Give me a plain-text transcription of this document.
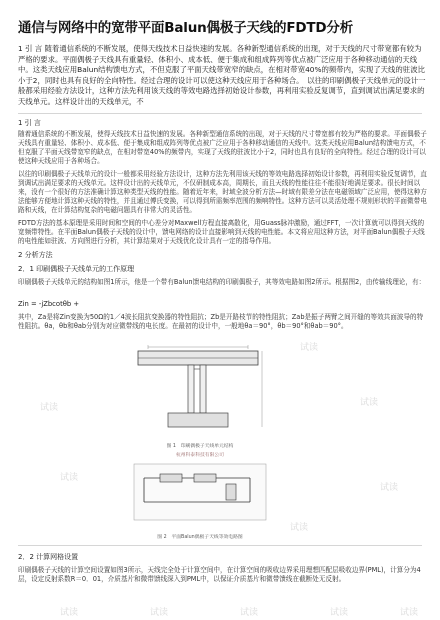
通信与网络中的宽带平面Balun偶极子天线的FDTD分析

1 引 言 随着通信系统的不断发展，使得天线技术日益快速的发展。各种新型通信系统的出现，对于天线的尺寸带宽都有较为严格的要求。平面偶极子天线具有重量轻、体积小、成本低、便于集成和组成阵列等优点被广泛应用于各种移动通信的天线中。这类天线应用Balun结构馈电方式，不但克服了平面天线带宽窄的缺点，在相对带宽40%的频带内，实现了天线的驻波比小于2，同时也具有良好的全向特性。经过合理的设计可以使这种天线应用于各种场合。　以往的印刷偶极子天线单元的设计一般都采用经验方法设计，这种方法先利用该天线的等效电路选择初始设计参数，再利用实验反复调节，直到调试出满足要求的天线单元。这样设计出的天线单元，不

1 引 言

随着通信系统的不断发展，使得天线技术日益快速的发展。各种新型通信系统的出现，对于天线的尺寸带宽都有较为严格的要求。平面偶极子天线具有重量轻、体积小、成本低、便于集成和组成阵列等优点被广泛应用于各种移动通信的天线中。这类天线应用Balun结构馈电方式，不但克服了平面天线带宽窄的缺点，在相对带宽40%的频带内，实现了天线的驻波比小于2，同时也具有良好的全向特性。经过合理的设计可以使这种天线应用于各种场合。

以往的印刷偶极子天线单元的设计一般都采用经验方法设计，这种方法先利用该天线的等效电路选择初始设计参数，再利用实验反复调节，直到调试出满足要求的天线单元。这样设计出的天线单元，不仅研制成本高，周期长，而且天线的性能往往不能很好地满足要求。很长时间以来，没有一个很好的方法准确计算这种类型天线的性能。随着近年来，时域全波分析方法—时域有限差分法在电磁领域广泛应用，使得这种方法能够方便地计算这种天线的特性，并且通过傅氏变换，可以得到所需频率范围的频响特性。这种方法可以灵活处理不规则形状的平面微带电路和天线，在计算结构复杂的电磁问题具有非常大的灵活性。

FDTD方法的基本原理是采用时间和空间的中心差分对Maxwell方程直接离散化，用Guass脉冲激励，通过FFT，一次计算就可以得到天线的宽频带特性。在平面Balun偶极子天线的设计中，馈电网络的设计直接影响到天线的电性能。本文将应用这种方法，对平面Balun偶极子天线的电性能如驻波、方向图进行分析，其计算结果对于天线优化设计具有一定的指导作用。

2 分析方法
2．1 印刷偶极子天线单元的工作原理

印刷偶极子天线单元的结构如图1所示，他是一个带有Balun馈电结构的印刷偶极子，其等效电路如图2所示。根据图2，由传输线理论，有：

Zin = -jZbcotθb +

其中，Za是将Zin变换为50Ω的1／4波长阻抗变换器的特性阻抗；Zb是开路枝节的特性阻抗；Zab是振子两臂之间开缝的等效共面波导的特性阻抗。θa，θb和θab分别为对应微带线的电长度。在最初的设计中，一般地θa＝90°，θb＝90°和θab＝90°。

图 1　印刷偶极子天线单元结构
杭州科泰科技有限公司
图 2　平面Balun偶极子天线等效电路图
2．2 计算网格设置

印刷偶极子天线的计算空间设置如图3所示，天线完全处于计算空间中，在计算空间的吸收边界采用理想匹配层吸收边界(PML)，计算分为4层，设定反射系数R＝0．01，介质基片和微带馈线深入到PML中，以保证介质基片和微带馈线在截断处无反射。

试读
试读
试读
试读
试读
试读
试读	试读
试读
试读
试读
